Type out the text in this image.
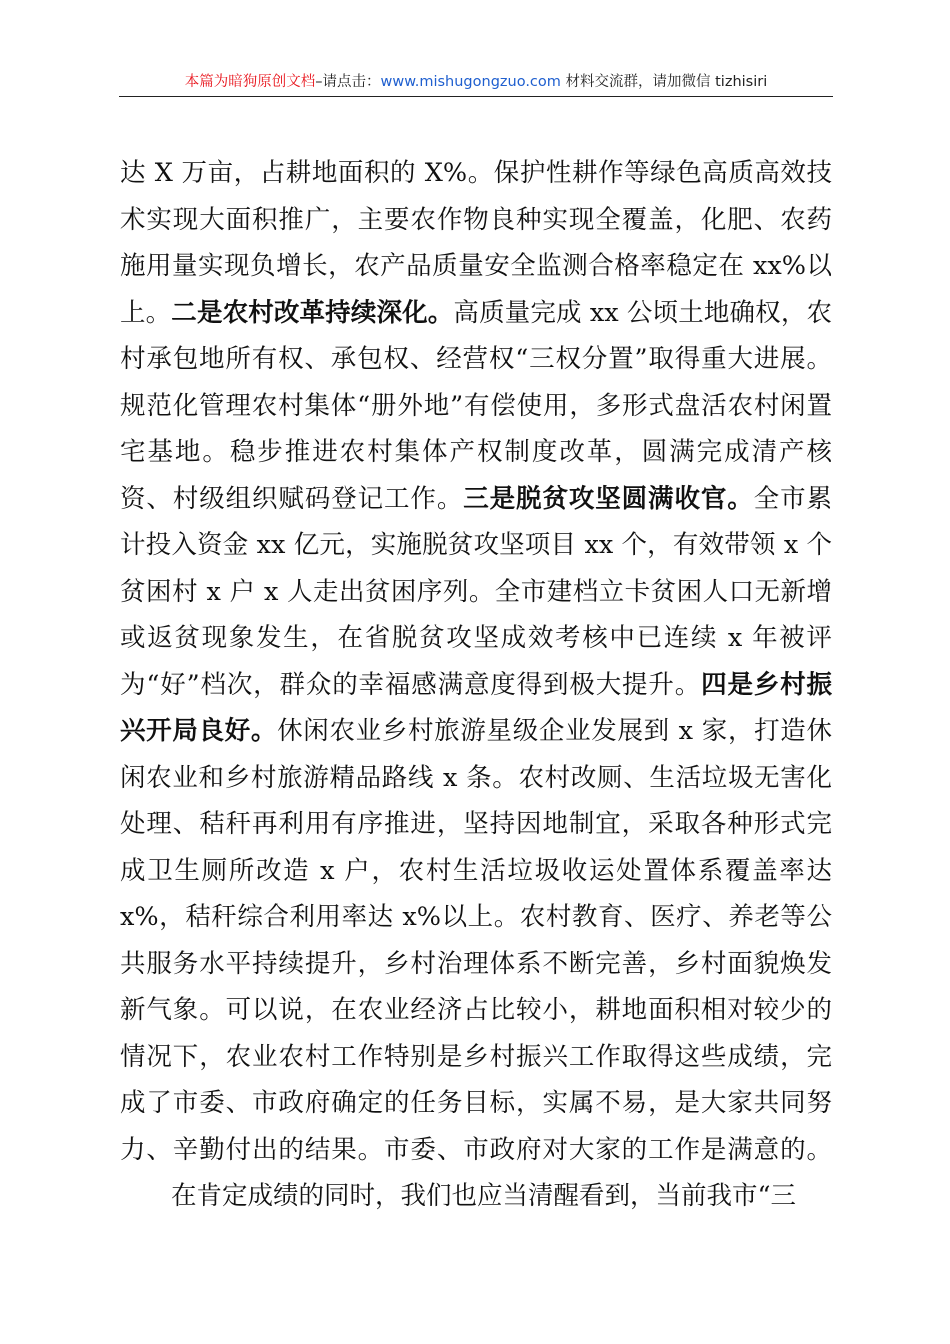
本篇为暗狗原创文档–请点击：www.mishugongzuo.com 材料交流群，请加微信 tizhisiri

达 X 万亩，占耕地面积的 X%。保护性耕作等绿色高质高效技术实现大面积推广，主要农作物良种实现全覆盖，化肥、农药施用量实现负增长，农产品质量安全监测合格率稳定在 xx%以上。二是农村改革持续深化。高质量完成 xx 公顷土地确权，农村承包地所有权、承包权、经营权“三权分置”取得重大进展。规范化管理农村集体“册外地”有偿使用，多形式盘活农村闲置宅基地。稳步推进农村集体产权制度改革，圆满完成清产核资、村级组织赋码登记工作。三是脱贫攻坚圆满收官。全市累计投入资金 xx 亿元，实施脱贫攻坚项目 xx 个，有效带领 x 个贫困村 x 户 x 人走出贫困序列。全市建档立卡贫困人口无新增或返贫现象发生，在省脱贫攻坚成效考核中已连续 x 年被评为“好”档次，群众的幸福感满意度得到极大提升。四是乡村振兴开局良好。休闲农业乡村旅游星级企业发展到 x 家，打造休闲农业和乡村旅游精品路线 x 条。农村改厕、生活垃圾无害化处理、秸秆再利用有序推进，坚持因地制宜，采取各种形式完成卫生厕所改造 x 户，农村生活垃圾收运处置体系覆盖率达 x%，秸秆综合利用率达 x%以上。农村教育、医疗、养老等公共服务水平持续提升，乡村治理体系不断完善，乡村面貌焕发新气象。可以说，在农业经济占比较小，耕地面积相对较少的情况下，农业农村工作特别是乡村振兴工作取得这些成绩，完成了市委、市政府确定的任务目标，实属不易，是大家共同努力、辛勤付出的结果。市委、市政府对大家的工作是满意的。

在肯定成绩的同时，我们也应当清醒看到，当前我市“三
